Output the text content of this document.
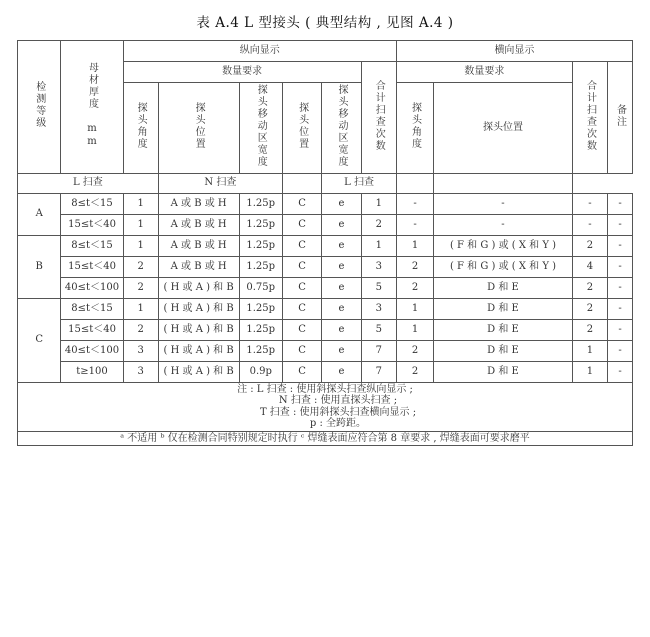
表 A.4 L 型接头 ( 典型结构 , 见图 A.4 )
检测等级	母材厚度 mm	纵向显示						横向显示			
		数量要求					合计扫查次数	数量要求		合计扫查次数	备注
		探头角度	探头位置	探头移动区宽度	探头位置	探头移动区宽度		探头角度	探头位置		

L 扫查			N 扫查			L 扫查					
A	8≤t＜15	1	A 或 B 或 H	1.25p	C	e	1	-	-	-	-
	15≤t＜40	1	A 或 B 或 H	1.25p	C	e	2	-	-	-	-
B	8≤t＜15	1	A 或 B 或 H	1.25p	C	e	1	1	( F 和 G ) 或 ( X 和 Y )	2	-
	15≤t＜40	2	A 或 B 或 H	1.25p	C	e	3	2	( F 和 G ) 或 ( X 和 Y )	4	-
	40≤t＜100	2	( H 或 A ) 和 B	0.75p	C	e	5	2	D 和 E	2	-
C	8≤t＜15	1	( H 或 A ) 和 B	1.25p	C	e	3	1	D 和 E	2	-
	15≤t＜40	2	( H 或 A ) 和 B	1.25p	C	e	5	1	D 和 E	2	-
	40≤t＜100	3	( H 或 A ) 和 B	1.25p	C	e	7	2	D 和 E	1	-
	t≥100	3	( H 或 A ) 和 B	0.9p	C	e	7	2	D 和 E	1	-

注 : L 扫查 : 使用斜探头扫查纵向显示 ;
N 扫查 : 使用直探头扫查 ;
T 扫查 : 使用斜探头扫查横向显示 ;
p : 全跨距。											

ᵃ 不适用 ᵇ 仅在检测合同特别规定时执行 ᶜ 焊缝表面应符合第 8 章要求 , 焊缝表面可要求磨平											
